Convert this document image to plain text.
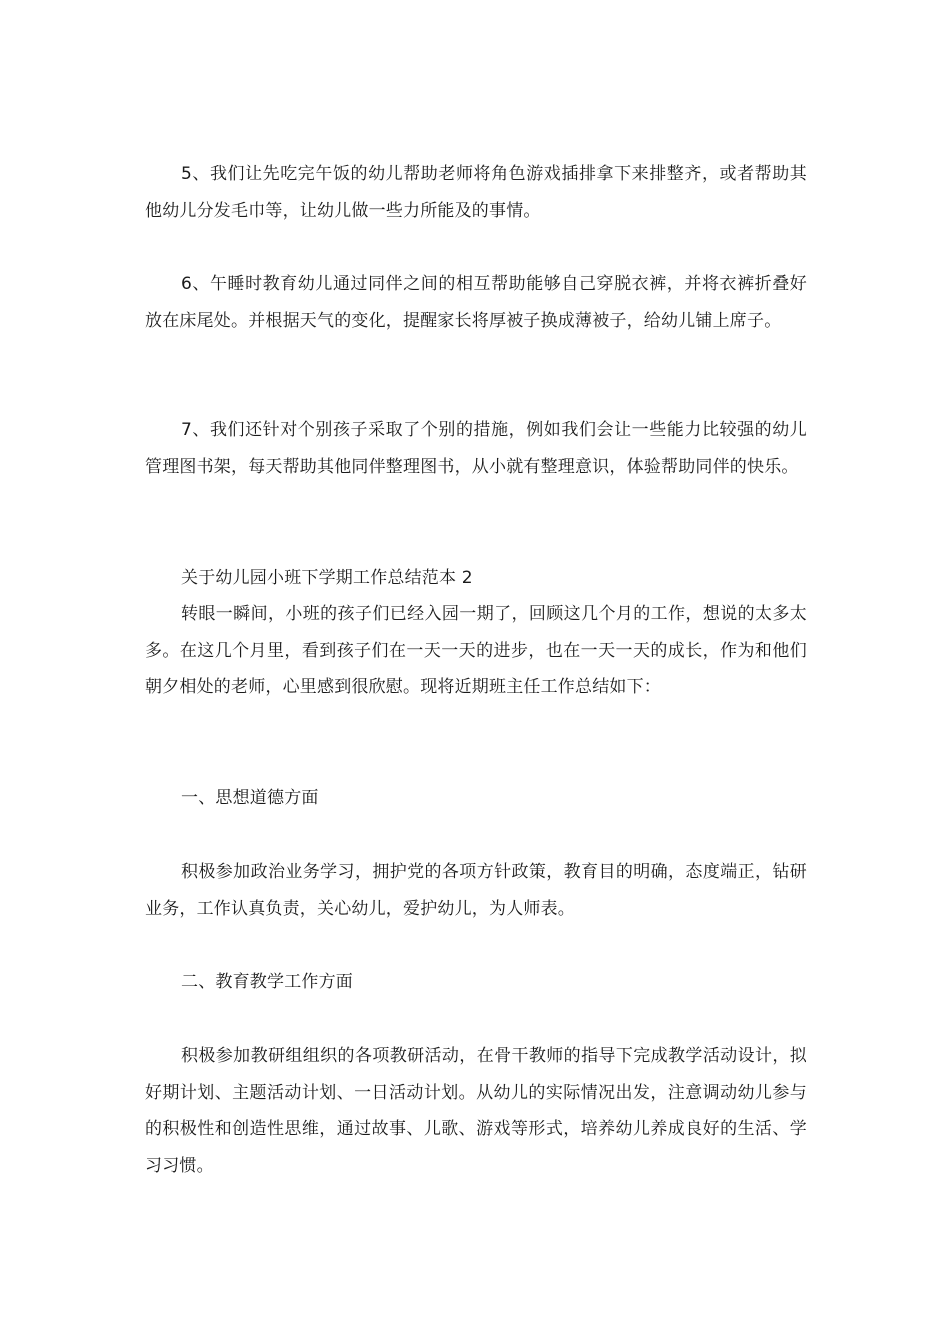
5、我们让先吃完午饭的幼儿帮助老师将角色游戏插排拿下来排整齐，或者帮助其他幼儿分发毛巾等，让幼儿做一些力所能及的事情。

6、午睡时教育幼儿通过同伴之间的相互帮助能够自己穿脱衣裤，并将衣裤折叠好放在床尾处。并根据天气的变化，提醒家长将厚被子换成薄被子，给幼儿铺上席子。

7、我们还针对个别孩子采取了个别的措施，例如我们会让一些能力比较强的幼儿管理图书架，每天帮助其他同伴整理图书，从小就有整理意识，体验帮助同伴的快乐。

关于幼儿园小班下学期工作总结范本 2

转眼一瞬间，小班的孩子们已经入园一期了，回顾这几个月的工作，想说的太多太多。在这几个月里，看到孩子们在一天一天的进步，也在一天一天的成长，作为和他们朝夕相处的老师，心里感到很欣慰。现将近期班主任工作总结如下：

一、思想道德方面

积极参加政治业务学习，拥护党的各项方针政策，教育目的明确，态度端正，钻研业务，工作认真负责，关心幼儿，爱护幼儿，为人师表。

二、教育教学工作方面

积极参加教研组组织的各项教研活动，在骨干教师的指导下完成教学活动设计，拟好期计划、主题活动计划、一日活动计划。从幼儿的实际情况出发，注意调动幼儿参与的积极性和创造性思维，通过故事、儿歌、游戏等形式，培养幼儿养成良好的生活、学习习惯。
